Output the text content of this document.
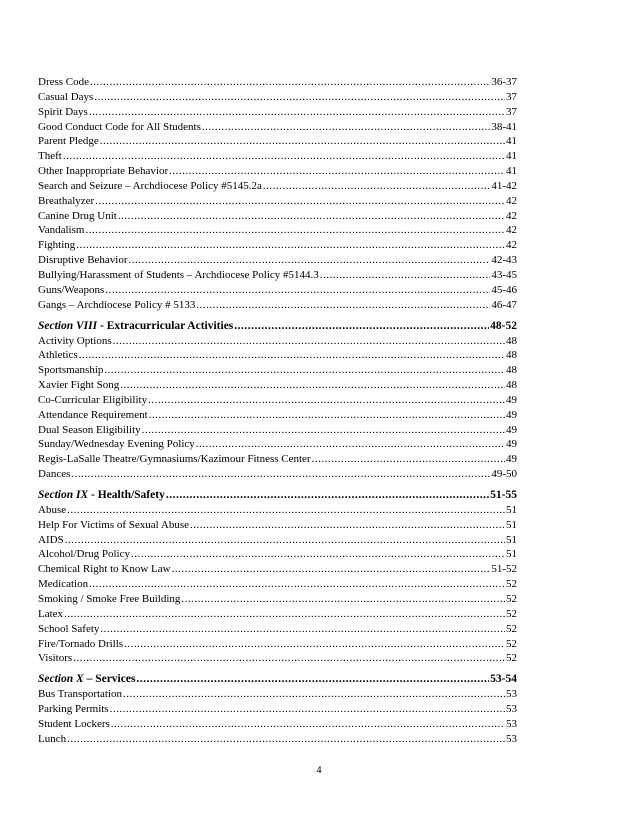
Dress Code .....	36-37
Casual Days .....	37
Spirit Days .....	37
Good Conduct Code for All Students .....	38-41
Parent Pledge .....	41
Theft .....	41
Other Inappropriate Behavior .....	41
Search and Seizure – Archdiocese Policy #5145.2a .....	41-42
Breathalyzer .....	42
Canine Drug Unit .....	42
Vandalism .....	42
Fighting .....	42
Disruptive Behavior .....	42-43
Bullying/Harassment of Students – Archdiocese Policy #5144.3 .....	43-45
Guns/Weapons .....	45-46
Gangs – Archdiocese Policy # 5133 .....	46-47
Section VIII - Extracurricular Activities .....	48-52
Activity Options .....	48
Athletics .....	48
Sportsmanship .....	48
Xavier Fight Song .....	48
Co-Curricular Eligibility .....	49
Attendance Requirement .....	49
Dual Season Eligibility .....	49
Sunday/Wednesday Evening Policy .....	49
Regis-LaSalle Theatre/Gymnasiums/Kazimour Fitness Center .....	49
Dances .....	49-50
Section IX - Health/Safety .....	51-55
Abuse .....	51
Help For Victims of Sexual Abuse .....	51
AIDS .....	51
Alcohol/Drug Policy .....	51
Chemical Right to Know Law .....	51-52
Medication .....	52
Smoking / Smoke Free Building .....	52
Latex .....	52
School Safety .....	52
Fire/Tornado Drills .....	52
Visitors .....	52
Section X – Services .....	53-54
Bus Transportation .....	53
Parking Permits .....	53
Student Lockers .....	53
Lunch .....	53
4
